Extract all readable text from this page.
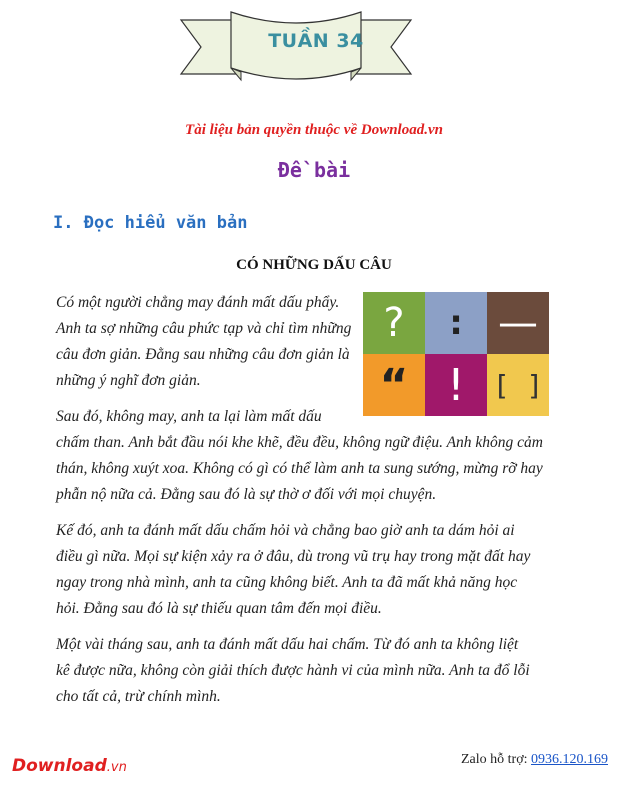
TUẦN 34
Tài liệu bản quyền thuộc về Download.vn
Đề bài
I. Đọc hiểu văn bản
CÓ NHỮNG DẤU CÂU
? : —
“ ! [ ]

Có một người chẳng may đánh mất dấu phẩy.
Anh ta sợ những câu phức tạp và chỉ tìm những
câu đơn giản. Đằng sau những câu đơn giản là
những ý nghĩ đơn giản.

Sau đó, không may, anh ta lại làm mất dấu
chấm than. Anh bắt đầu nói khe khẽ, đều đều, không ngữ điệu. Anh không cảm
thán, không xuýt xoa. Không có gì có thể làm anh ta sung sướng, mừng rỡ hay
phẫn nộ nữa cả. Đằng sau đó là sự thờ ơ đối với mọi chuyện.

Kế đó, anh ta đánh mất dấu chấm hỏi và chẳng bao giờ anh ta dám hỏi ai
điều gì nữa. Mọi sự kiện xảy ra ở đâu, dù trong vũ trụ hay trong mặt đất hay
ngay trong nhà mình, anh ta cũng không biết. Anh ta đã mất khả năng học
hỏi. Đằng sau đó là sự thiếu quan tâm đến mọi điều.

Một vài tháng sau, anh ta đánh mất dấu hai chấm. Từ đó anh ta không liệt
kê được nữa, không còn giải thích được hành vi của mình nữa. Anh ta đổ lỗi
cho tất cả, trừ chính mình.

Download.vn
Zalo hỗ trợ: 0936.120.169
